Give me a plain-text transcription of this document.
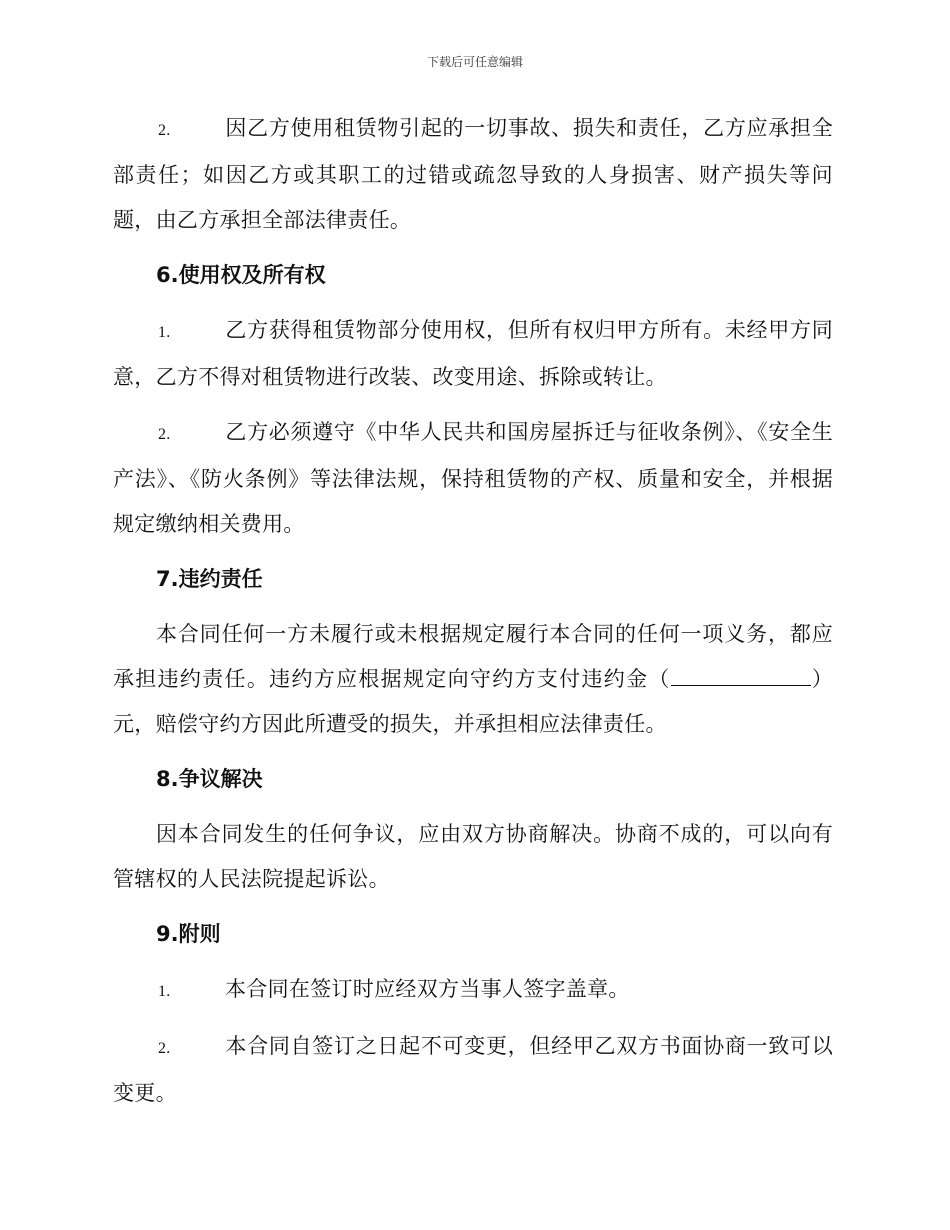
下载后可任意编辑

2.	因乙方使用租赁物引起的一切事故、损失和责任，乙方应承担全部责任；如因乙方或其职工的过错或疏忽导致的人身损害、财产损失等问题，由乙方承担全部法律责任。

6.使用权及所有权

1.	乙方获得租赁物部分使用权，但所有权归甲方所有。未经甲方同意，乙方不得对租赁物进行改装、改变用途、拆除或转让。

2.	乙方必须遵守《中华人民共和国房屋拆迁与征收条例》、《安全生产法》、《防火条例》等法律法规，保持租赁物的产权、质量和安全，并根据规定缴纳相关费用。

7.违约责任

本合同任何一方未履行或未根据规定履行本合同的任何一项义务，都应承担违约责任。违约方应根据规定向守约方支付违约金（	）元，赔偿守约方因此所遭受的损失，并承担相应法律责任。

8.争议解决

因本合同发生的任何争议，应由双方协商解决。协商不成的，可以向有管辖权的人民法院提起诉讼。

9.附则

1.	本合同在签订时应经双方当事人签字盖章。

2.	本合同自签订之日起不可变更，但经甲乙双方书面协商一致可以变更。
